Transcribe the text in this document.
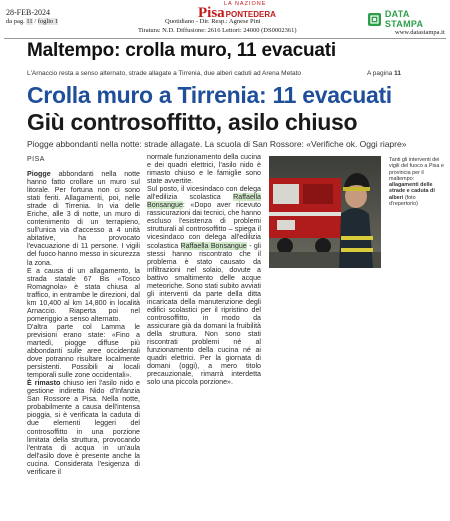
28-FEB-2024
da pag. 11 / foglio 1
LA NAZIONE
Pisa PONTEDERA
Quotidiano - Dir. Resp.: Agnese Pini
Tiratura: N.D. Diffusione: 2616 Lettori: 24000 (DS0002361)
DATA STAMPA
www.datastampa.it
Maltempo: crolla muro, 11 evacuati
L'Arnaccio resta a senso alternato, strade allagate a Tirrenia, due alberi caduti ad Arena Metato	A pagina 11
Crolla muro a Tirrenia: 11 evacuati
Giù controsoffitto, asilo chiuso
Piogge abbondanti nella notte: strade allagate. La scuola di San Rossore: «Verifiche ok. Oggi riapre»
PISA

Piogge abbondanti nella notte hanno fatto crollare un muro sul litorale. Per fortuna non ci sono stati feriti. Allagamenti, poi, nelle strade di Tirrenia. In via delle Eriche, alle 3 di notte, un muro di contenimento di un terrapieno, sull'unica via d'accesso a 4 unità abitative, ha provocato l'evacuazione di 11 persone. I vigili del fuoco hanno messo in sicurezza la zona.

E a causa di un allagamento, la strada statale 67 Bis «Tosco Romagnola» è stata chiusa al traffico, in entrambe le direzioni, dal km 10,400 al km 14,800 in località Arnaccio. Riaperta poi nel pomeriggio a senso alternato.

D'altra parte col Lamma le previsioni erano state: «Fino a martedì, piogge diffuse più abbondanti sulle aree occidentali dove potranno risultare localmente persistenti. Possibili ai locali temporali sulle zone occidentali».

È rimasto chiuso ieri l'asilo nido e gestione indiretta Nido d'Infanzia San Rossore a Pisa. Nella notte, probabilmente a causa dell'intensa pioggia, si è verificata la caduta di due elementi leggeri del controsoffitto in una porzione limitata della struttura, provocando l'entrata di acqua in un'aula dell'asilo dove è presente anche la cucina. Considerata l'esigenza di verificare il

normale funzionamento della cucina e dei quadri elettrici, l'asilo nido è rimasto chiuso e le famiglie sono state avvertite.

Sul posto, il vicesindaco con delega all'edilizia scolastica Raffaella Bonsangue: «Dopo aver ricevuto rassicurazioni dai tecnici, che hanno escluso l'esistenza di problemi strutturali al controsoffitto – spiega il vicesindaco con delega all'edilizia scolastica Raffaella Bonsangue - gli stessi hanno riscontrato che il problema è stato causato da infiltrazioni nel solaio, dovute a battivo smaltimento delle acque meteoriche. Sono stati subito avviati gli interventi da parte della ditta incaricata della manutenzione degli edifici scolastici per il ripristino del controsoffitto, in modo da assicurare già da domani la fruibilità della struttura. Non sono stati riscontrati problemi né al funzionamento della cucina né ai quadri elettrici. Per la giornata di domani (oggi), a mero titolo precauzionale, rimarrà interdetta solo una piccola porzione».

Tanti gli interventi dei vigili del fuoco a Pisa e provincia per il maltempo: allagamenti delle strade e caduta di alberi (foto d'repertorio)
